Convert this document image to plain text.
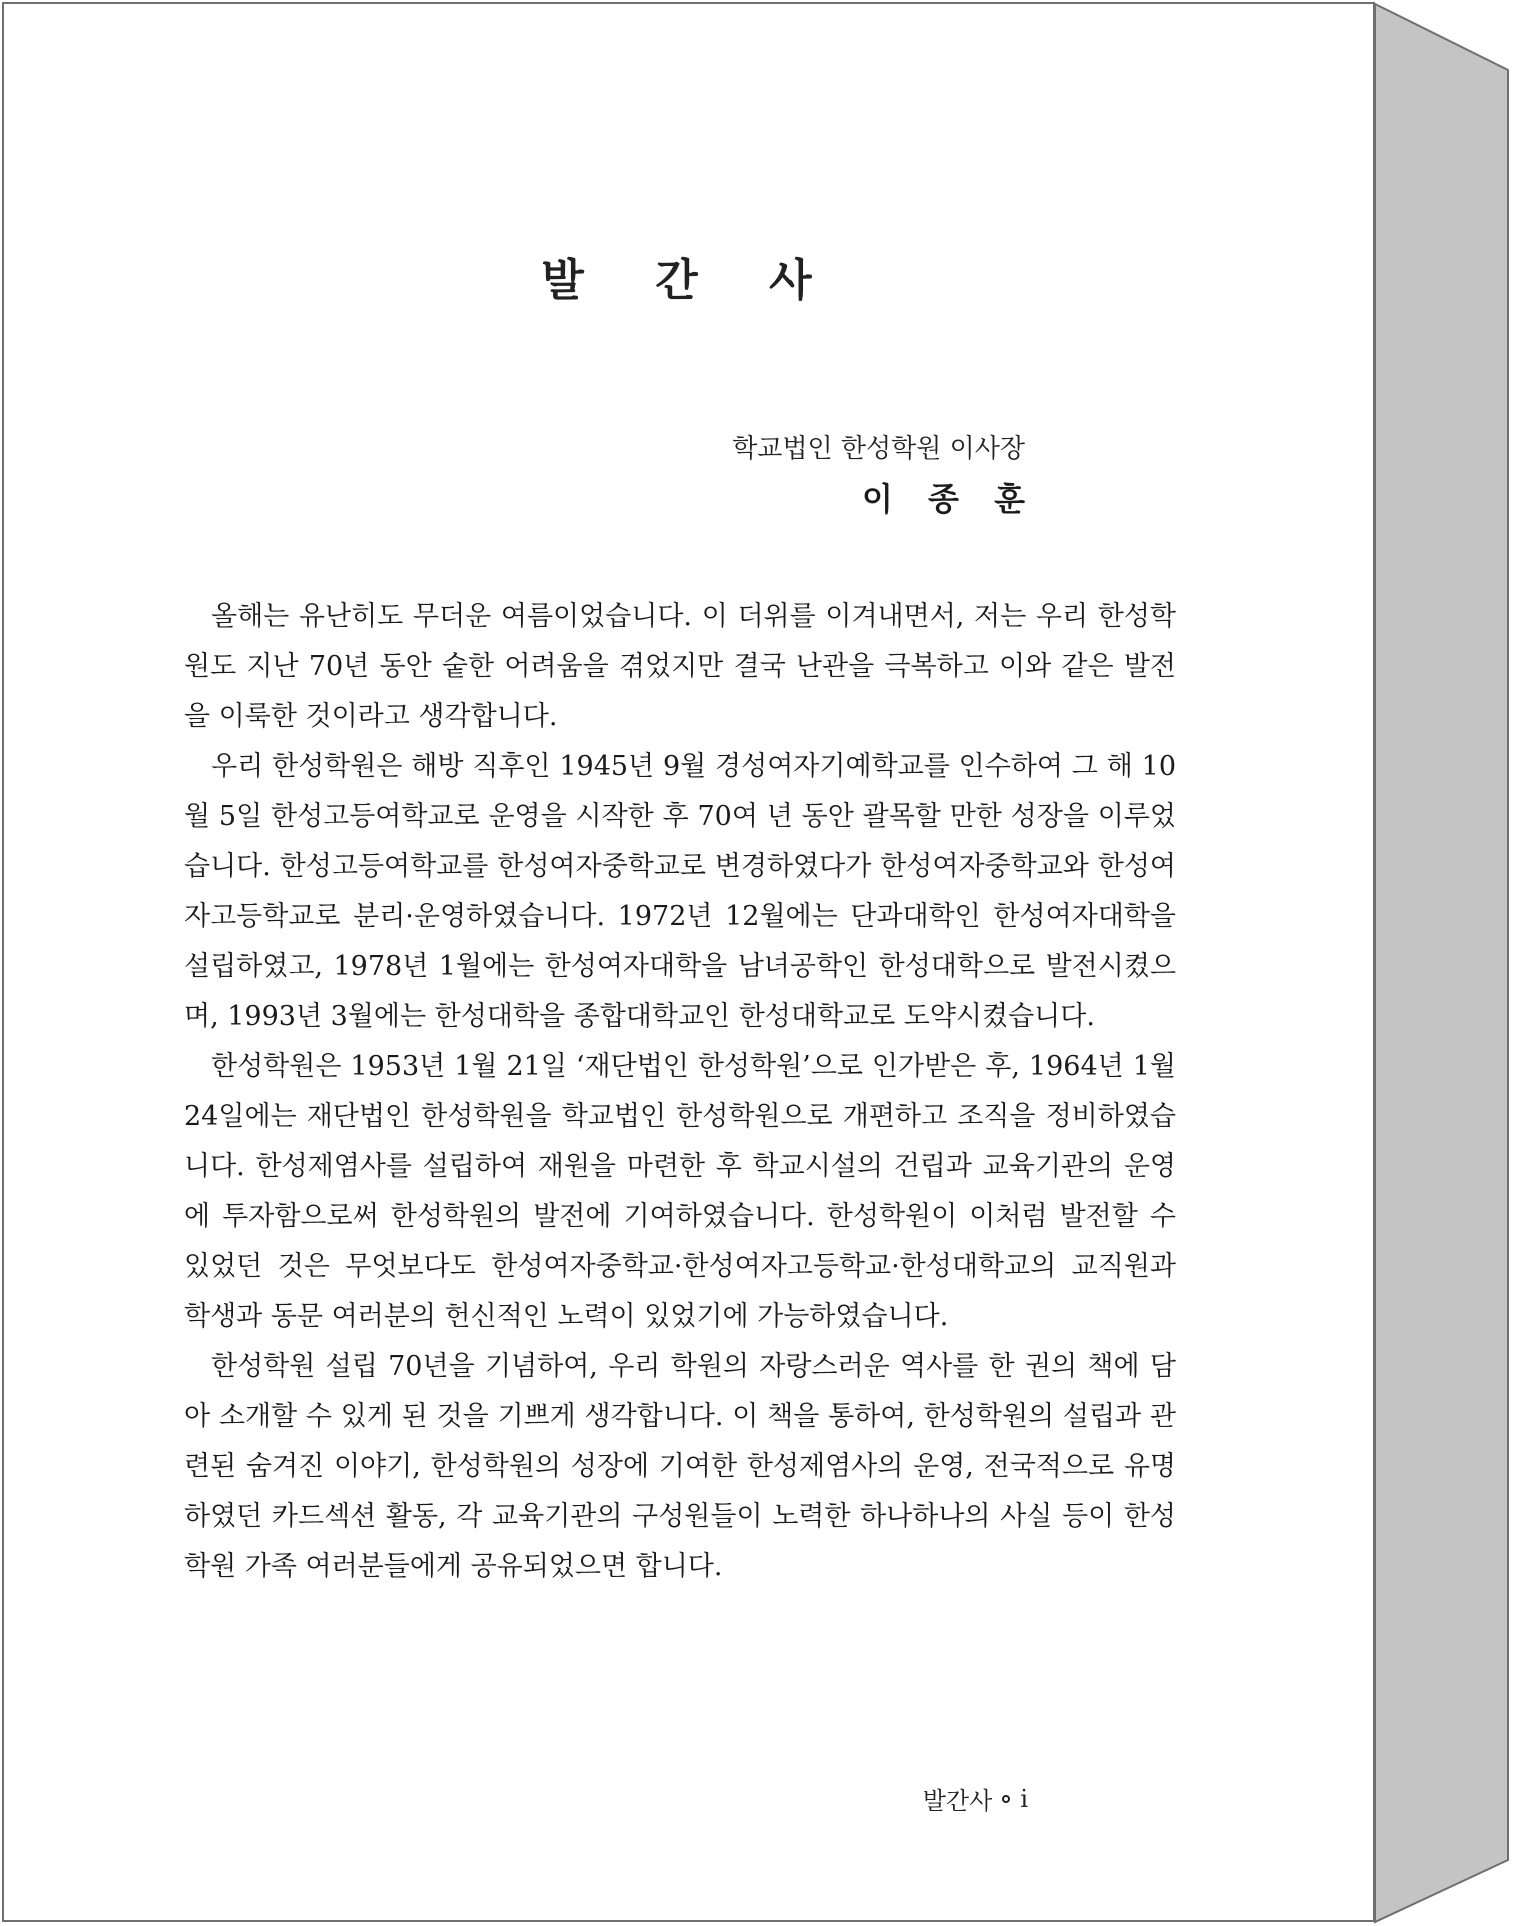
발 간 사
학교법인 한성학원 이사장
이 종 훈

올해는 유난히도 무더운 여름이었습니다. 이 더위를 이겨내면서, 저는 우리 한성학원도 지난 70년 동안 숱한 어려움을 겪었지만 결국 난관을 극복하고 이와 같은 발전을 이룩한 것이라고 생각합니다.

우리 한성학원은 해방 직후인 1945년 9월 경성여자기예학교를 인수하여 그 해 10월 5일 한성고등여학교로 운영을 시작한 후 70여 년 동안 괄목할 만한 성장을 이루었습니다. 한성고등여학교를 한성여자중학교로 변경하였다가 한성여자중학교와 한성여자고등학교로 분리·운영하였습니다. 1972년 12월에는 단과대학인 한성여자대학을 설립하였고, 1978년 1월에는 한성여자대학을 남녀공학인 한성대학으로 발전시켰으며, 1993년 3월에는 한성대학을 종합대학교인 한성대학교로 도약시켰습니다.

한성학원은 1953년 1월 21일 ‘재단법인 한성학원’으로 인가받은 후, 1964년 1월 24일에는 재단법인 한성학원을 학교법인 한성학원으로 개편하고 조직을 정비하였습니다. 한성제염사를 설립하여 재원을 마련한 후 학교시설의 건립과 교육기관의 운영에 투자함으로써 한성학원의 발전에 기여하였습니다. 한성학원이 이처럼 발전할 수 있었던 것은 무엇보다도 한성여자중학교·한성여자고등학교·한성대학교의 교직원과 학생과 동문 여러분의 헌신적인 노력이 있었기에 가능하였습니다.

한성학원 설립 70년을 기념하여, 우리 학원의 자랑스러운 역사를 한 권의 책에 담아 소개할 수 있게 된 것을 기쁘게 생각합니다. 이 책을 통하여, 한성학원의 설립과 관련된 숨겨진 이야기, 한성학원의 성장에 기여한 한성제염사의 운영, 전국적으로 유명하였던 카드섹션 활동, 각 교육기관의 구성원들이 노력한 하나하나의 사실 등이 한성학원 가족 여러분들에게 공유되었으면 합니다.

발간사 i
